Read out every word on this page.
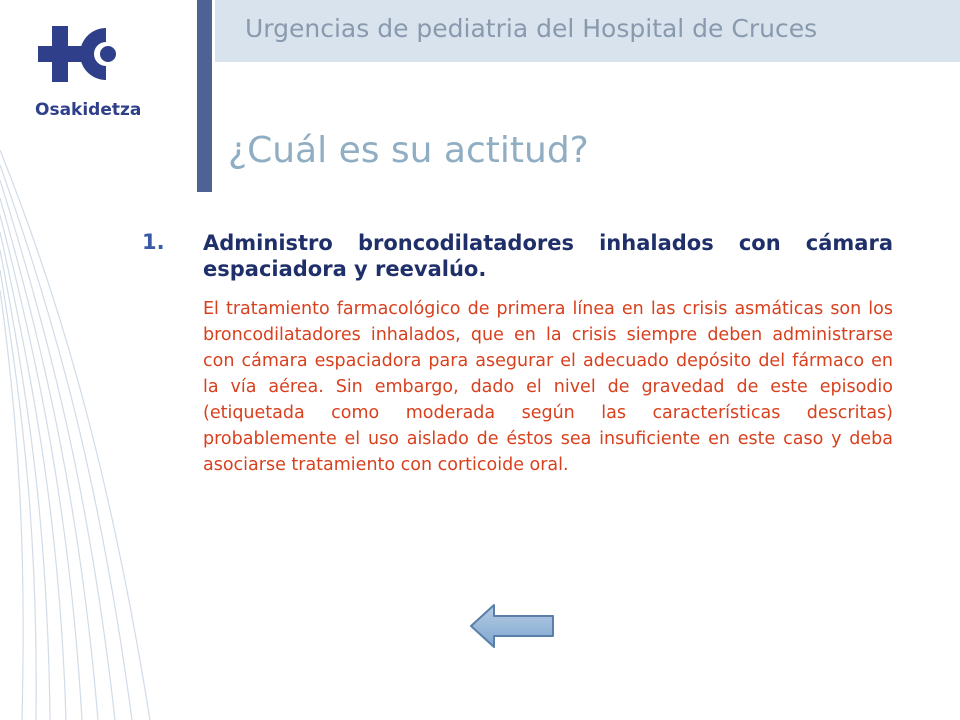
Osakidetza
Urgencias de pediatria del Hospital de Cruces
¿Cuál es su actitud?
1. Administro broncodilatadores inhalados con cámara espaciadora y reevalúo.
El tratamiento farmacológico de primera línea en las crisis asmáticas son los broncodilatadores inhalados, que en la crisis siempre deben administrarse con cámara espaciadora para asegurar el adecuado depósito del fármaco en la vía aérea. Sin embargo, dado el nivel de gravedad de este episodio (etiquetada como moderada según las características descritas) probablemente el uso aislado de éstos sea insuficiente en este caso y deba asociarse tratamiento con corticoide oral.
